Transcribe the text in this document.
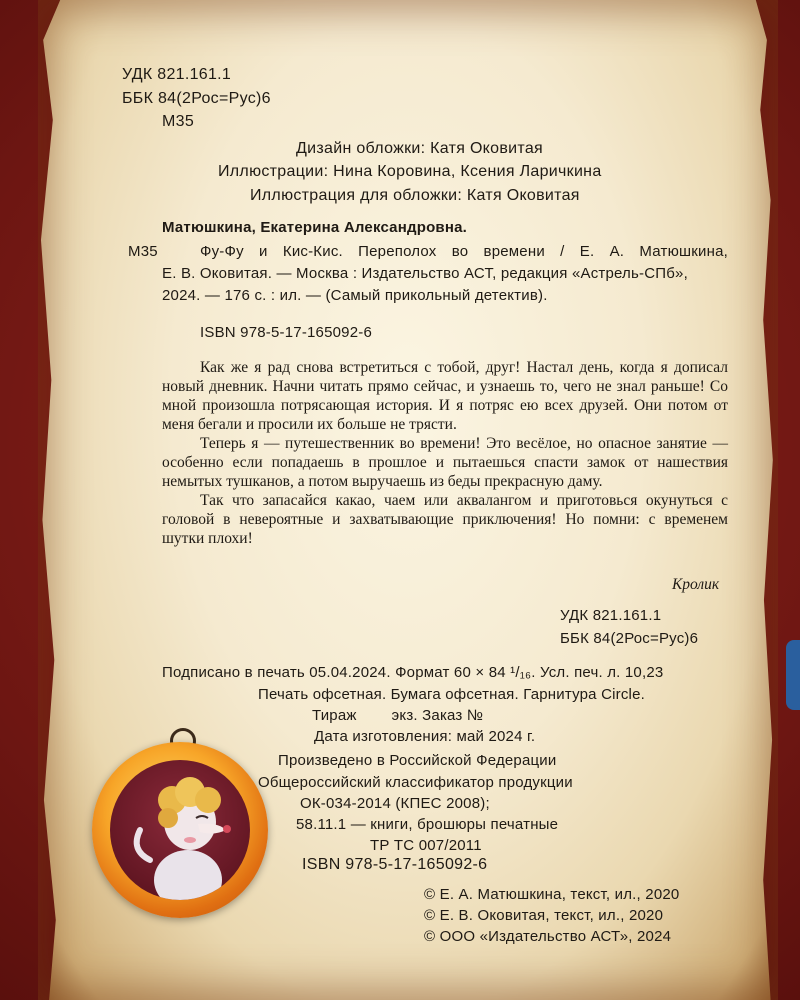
УДК 821.161.1
ББК 84(2Рос=Рус)6
М35
Дизайн обложки: Катя Оковитая
Иллюстрации: Нина Коровина, Ксения Ларичкина
Иллюстрация для обложки: Катя Оковитая
Матюшкина, Екатерина Александровна.
М35	Фу-Фу и Кис-Кис. Переполох во времени / Е. А. Матюшкина,
Е. В. Оковитая. — Москва : Издательство АСТ, редакция «Астрель-СПб»,
2024. — 176 с. : ил. — (Самый прикольный детектив).
ISBN 978-5-17-165092-6

Как же я рад снова встретиться с тобой, друг! Настал день, когда я дописал новый дневник. Начни читать прямо сейчас, и узнаешь то, чего не знал раньше! Со мной произошла потрясающая история. И я потряс ею всех друзей. Они потом от меня бегали и просили их больше не трясти.

Теперь я — путешественник во времени! Это весёлое, но опасное занятие — особенно если попадаешь в прошлое и пытаешься спасти замок от нашествия немытых тушканов, а потом выручаешь из беды прекрасную даму.

Так что запасайся какао, чаем или аквалангом и приготовься окунуться с головой в невероятные и захватывающие приключения! Но помни: с временем шутки плохи!

Кролик
УДК 821.161.1
ББК 84(2Рос=Рус)6
Подписано в печать 05.04.2024. Формат 60 × 84 ¹/₁₆. Усл. печ. л. 10,23
Печать офсетная. Бумага офсетная. Гарнитура Circle.
Тираж        экз. Заказ №
Дата изготовления: май 2024 г.
Произведено в Российской Федерации
Общероссийский классификатор продукции
ОК-034-2014 (КПЕС 2008);
58.11.1 — книги, брошюры печатные
ТР ТС 007/2011
ISBN 978-5-17-165092-6
© Е. А. Матюшкина, текст, ил., 2020
© Е. В. Оковитая, текст, ил., 2020
© ООО «Издательство АСТ», 2024
